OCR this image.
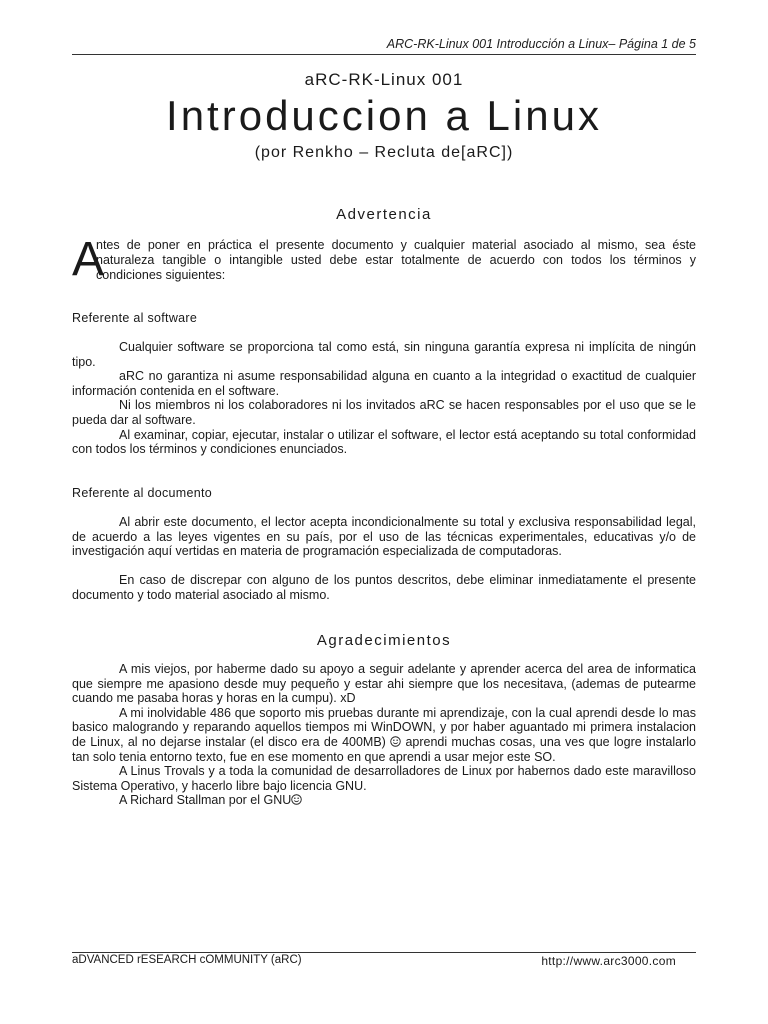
ARC-RK-Linux 001 Introducción a Linux– Página 1 de 5
aRC-RK-Linux 001
Introduccion a Linux
(por Renkho – Recluta de[aRC])
Advertencia
A
ntes de poner en práctica el presente documento y cualquier material asociado al mismo, sea éste naturaleza tangible o intangible usted debe estar totalmente de acuerdo con todos los términos y condiciones siguientes:
Referente al software

Cualquier software se proporciona tal como está, sin ninguna garantía expresa ni implícita de ningún tipo.

aRC no garantiza ni asume responsabilidad alguna en cuanto a la integridad o exactitud de cualquier información contenida en el software.

Ni los miembros ni los colaboradores ni los invitados aRC se hacen responsables por el uso que se le pueda dar al software.

Al examinar, copiar, ejecutar, instalar o utilizar el software, el lector está aceptando su total conformidad con todos los términos y condiciones enunciados.

Referente al documento

Al abrir este documento, el lector acepta incondicionalmente su total y exclusiva responsabilidad legal, de acuerdo a las leyes vigentes en su país, por el uso de las técnicas experimentales, educativas y/o de investigación aquí vertidas en materia de programación especializada de computadoras.

En caso de discrepar con alguno de los puntos descritos, debe eliminar inmediatamente el presente documento y todo material asociado al mismo.

Agradecimientos

A mis viejos, por haberme dado su apoyo a seguir adelante y aprender acerca del area de informatica que siempre me apasiono desde muy pequeño y estar ahi siempre que los necesitava, (ademas de putearme cuando me pasaba horas y horas en la cumpu). xD

A mi inolvidable 486 que soporto mis pruebas durante mi aprendizaje, con la cual aprendi desde lo mas basico malogrando y reparando aquellos tiempos mi WinDOWN, y por haber aguantado mi primera instalacion de Linux, al no dejarse instalar (el disco era de 400MB) aprendi muchas cosas, una ves que logre instalarlo tan solo tenia entorno texto, fue en ese momento en que aprendi a usar mejor este SO.

A Linus Trovals y a toda la comunidad de desarrolladores de Linux por habernos dado este maravilloso Sistema Operativo, y hacerlo libre bajo licencia GNU.

A Richard Stallman por el GNU

aDVANCED rESEARCH cOMMUNITY (aRC)	http://www.arc3000.com
